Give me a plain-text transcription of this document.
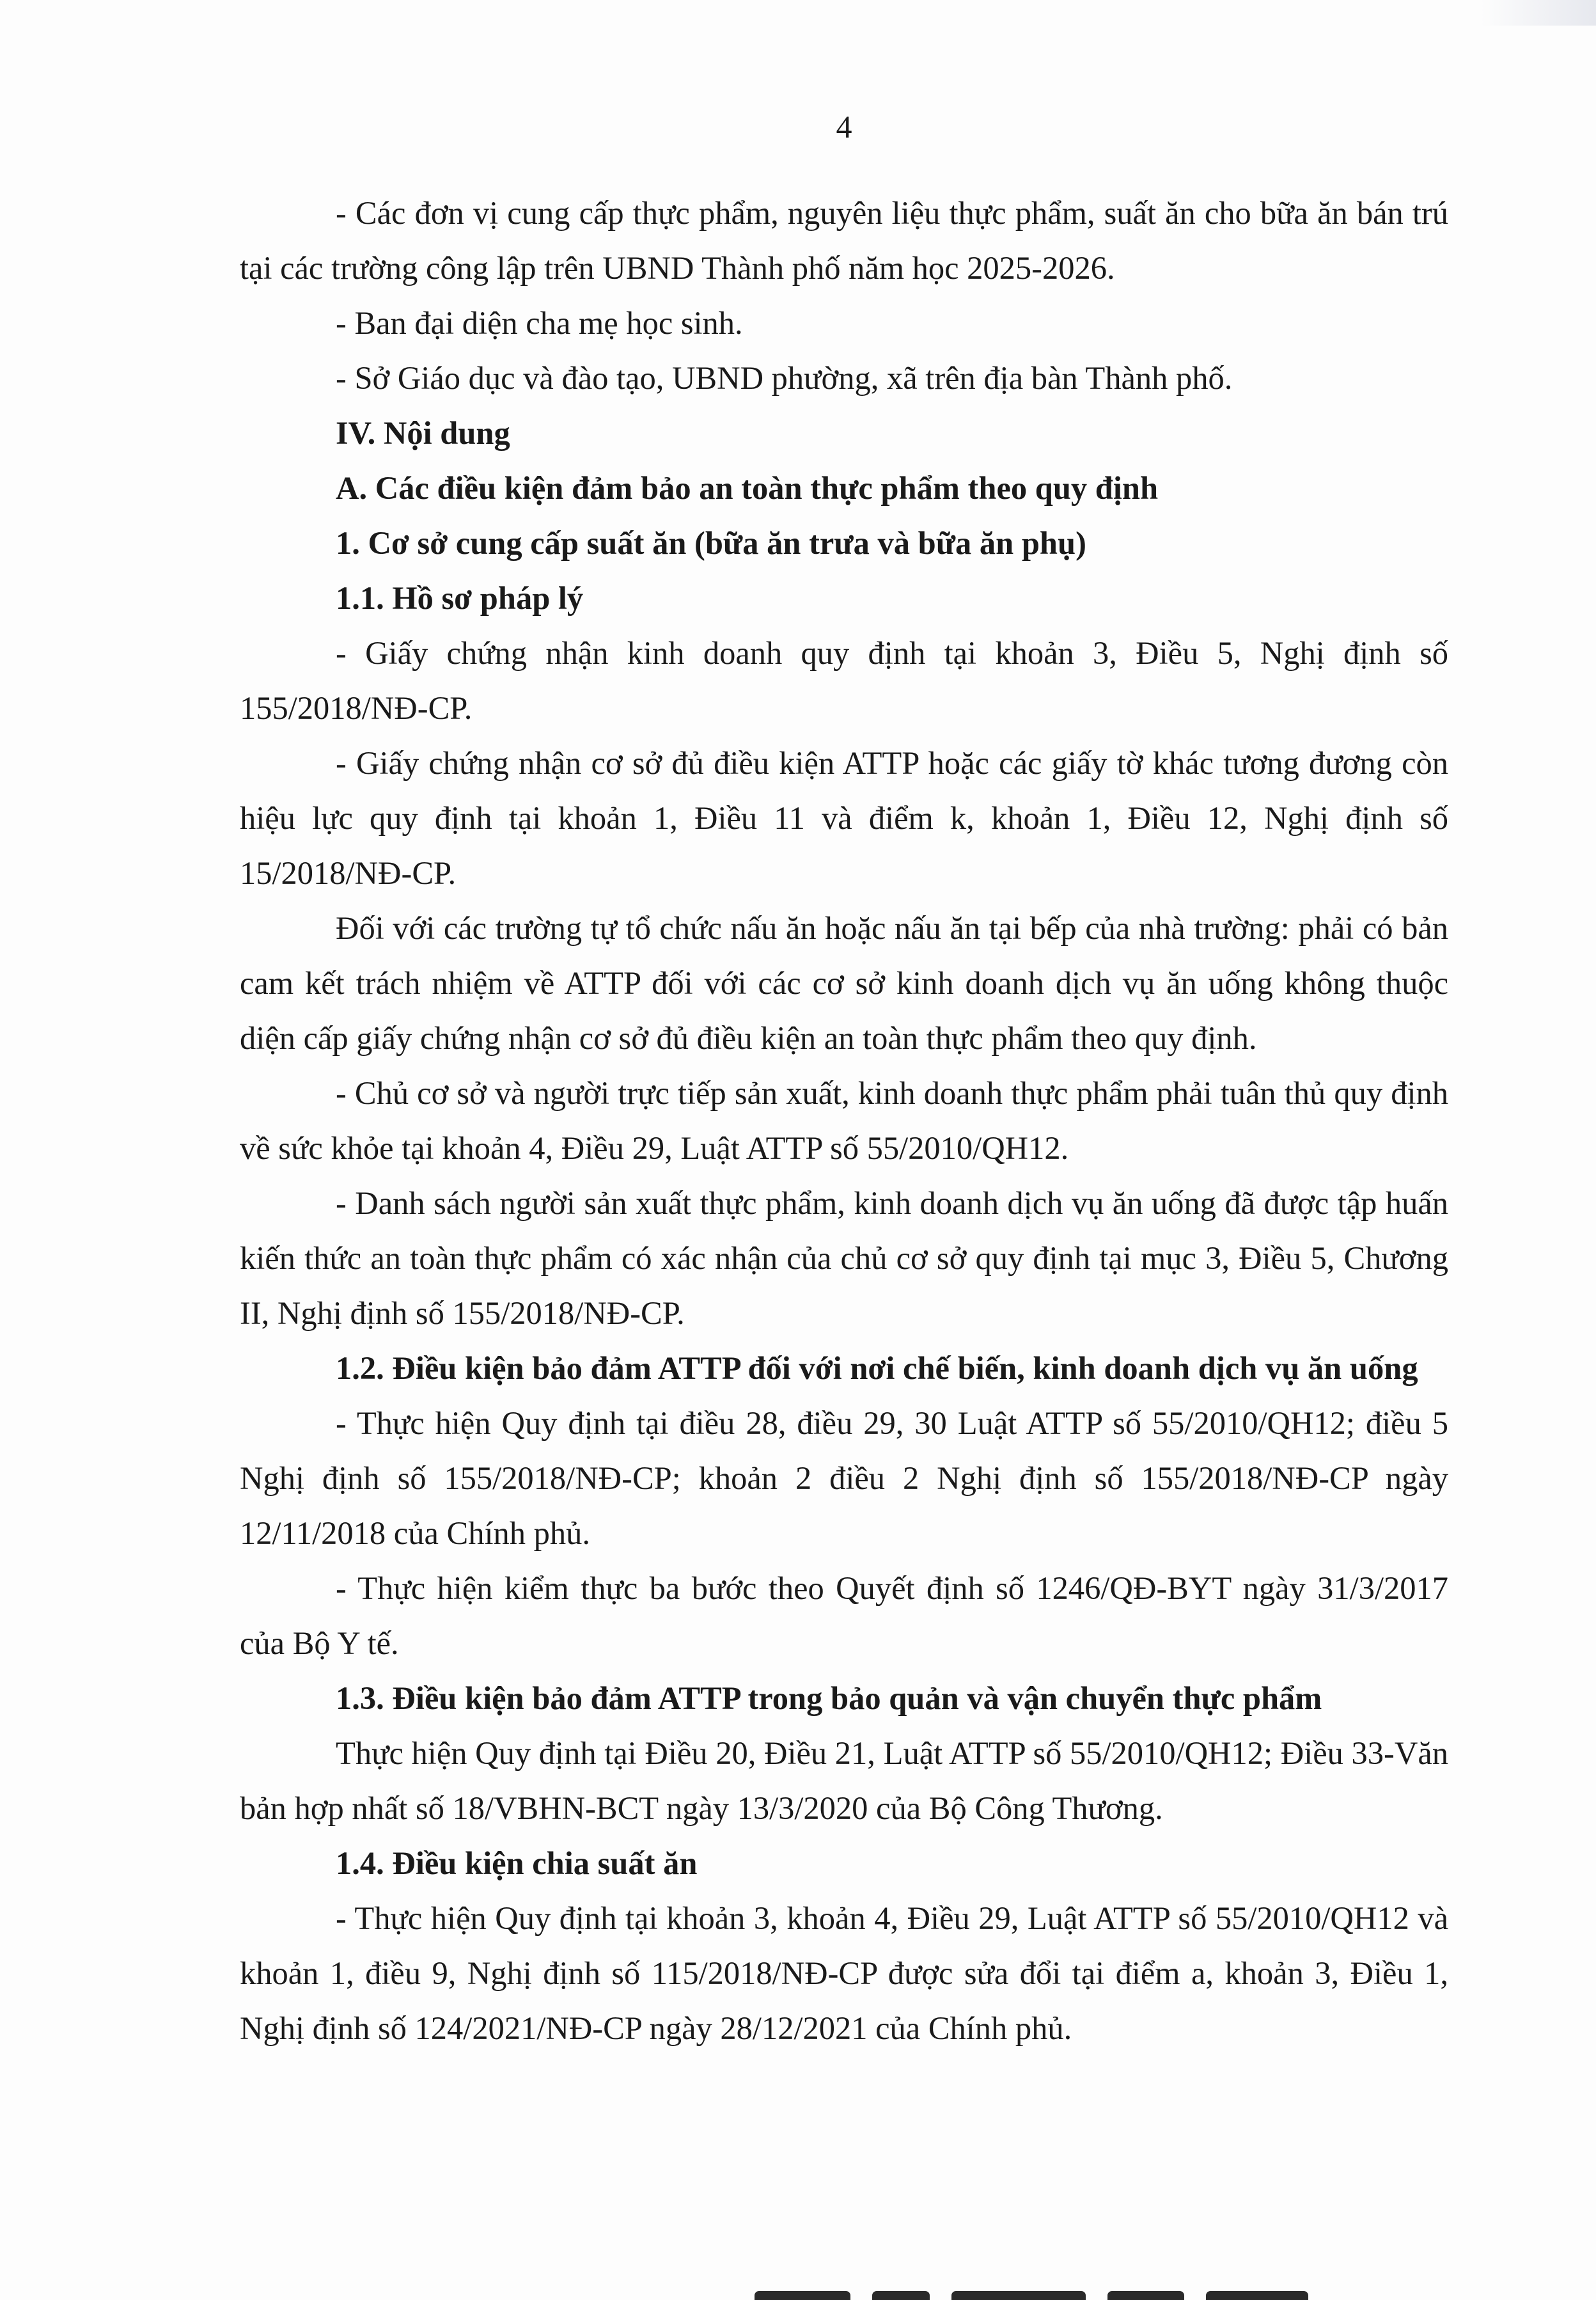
4

- Các đơn vị cung cấp thực phẩm, nguyên liệu thực phẩm, suất ăn cho bữa ăn bán trú tại các trường công lập trên UBND Thành phố năm học 2025-2026.

- Ban đại diện cha mẹ học sinh.

- Sở Giáo dục và đào tạo, UBND phường, xã trên địa bàn Thành phố.

IV. Nội dung

A. Các điều kiện đảm bảo an toàn thực phẩm theo quy định

1. Cơ sở cung cấp suất ăn (bữa ăn trưa và bữa ăn phụ)

1.1. Hồ sơ pháp lý

- Giấy chứng nhận kinh doanh quy định tại khoản 3, Điều 5, Nghị định số 155/2018/NĐ-CP.

- Giấy chứng nhận cơ sở đủ điều kiện ATTP hoặc các giấy tờ khác tương đương còn hiệu lực quy định tại khoản 1, Điều 11 và điểm k, khoản 1, Điều 12, Nghị định số 15/2018/NĐ-CP.

Đối với các trường tự tổ chức nấu ăn hoặc nấu ăn tại bếp của nhà trường: phải có bản cam kết trách nhiệm về ATTP đối với các cơ sở kinh doanh dịch vụ ăn uống không thuộc diện cấp giấy chứng nhận cơ sở đủ điều kiện an toàn thực phẩm theo quy định.

- Chủ cơ sở và người trực tiếp sản xuất, kinh doanh thực phẩm phải tuân thủ quy định về sức khỏe tại khoản 4, Điều 29, Luật ATTP số 55/2010/QH12.

- Danh sách người sản xuất thực phẩm, kinh doanh dịch vụ ăn uống đã được tập huấn kiến thức an toàn thực phẩm có xác nhận của chủ cơ sở quy định tại mục 3, Điều 5, Chương II, Nghị định số 155/2018/NĐ-CP.

1.2. Điều kiện bảo đảm ATTP đối với nơi chế biến, kinh doanh dịch vụ ăn uống

- Thực hiện Quy định tại điều 28, điều 29, 30 Luật ATTP số 55/2010/QH12; điều 5 Nghị định số 155/2018/NĐ-CP; khoản 2 điều 2 Nghị định số 155/2018/NĐ-CP ngày 12/11/2018 của Chính phủ.

- Thực hiện kiểm thực ba bước theo Quyết định số 1246/QĐ-BYT ngày 31/3/2017 của Bộ Y tế.

1.3. Điều kiện bảo đảm ATTP trong bảo quản và vận chuyển thực phẩm

Thực hiện Quy định tại Điều 20, Điều 21, Luật ATTP số 55/2010/QH12; Điều 33-Văn bản hợp nhất số 18/VBHN-BCT ngày 13/3/2020 của Bộ Công Thương.

1.4. Điều kiện chia suất ăn

- Thực hiện Quy định tại khoản 3, khoản 4, Điều 29, Luật ATTP số 55/2010/QH12 và khoản 1, điều 9, Nghị định số 115/2018/NĐ-CP được sửa đổi tại điểm a, khoản 3, Điều 1, Nghị định số 124/2021/NĐ-CP ngày 28/12/2021 của Chính phủ.
